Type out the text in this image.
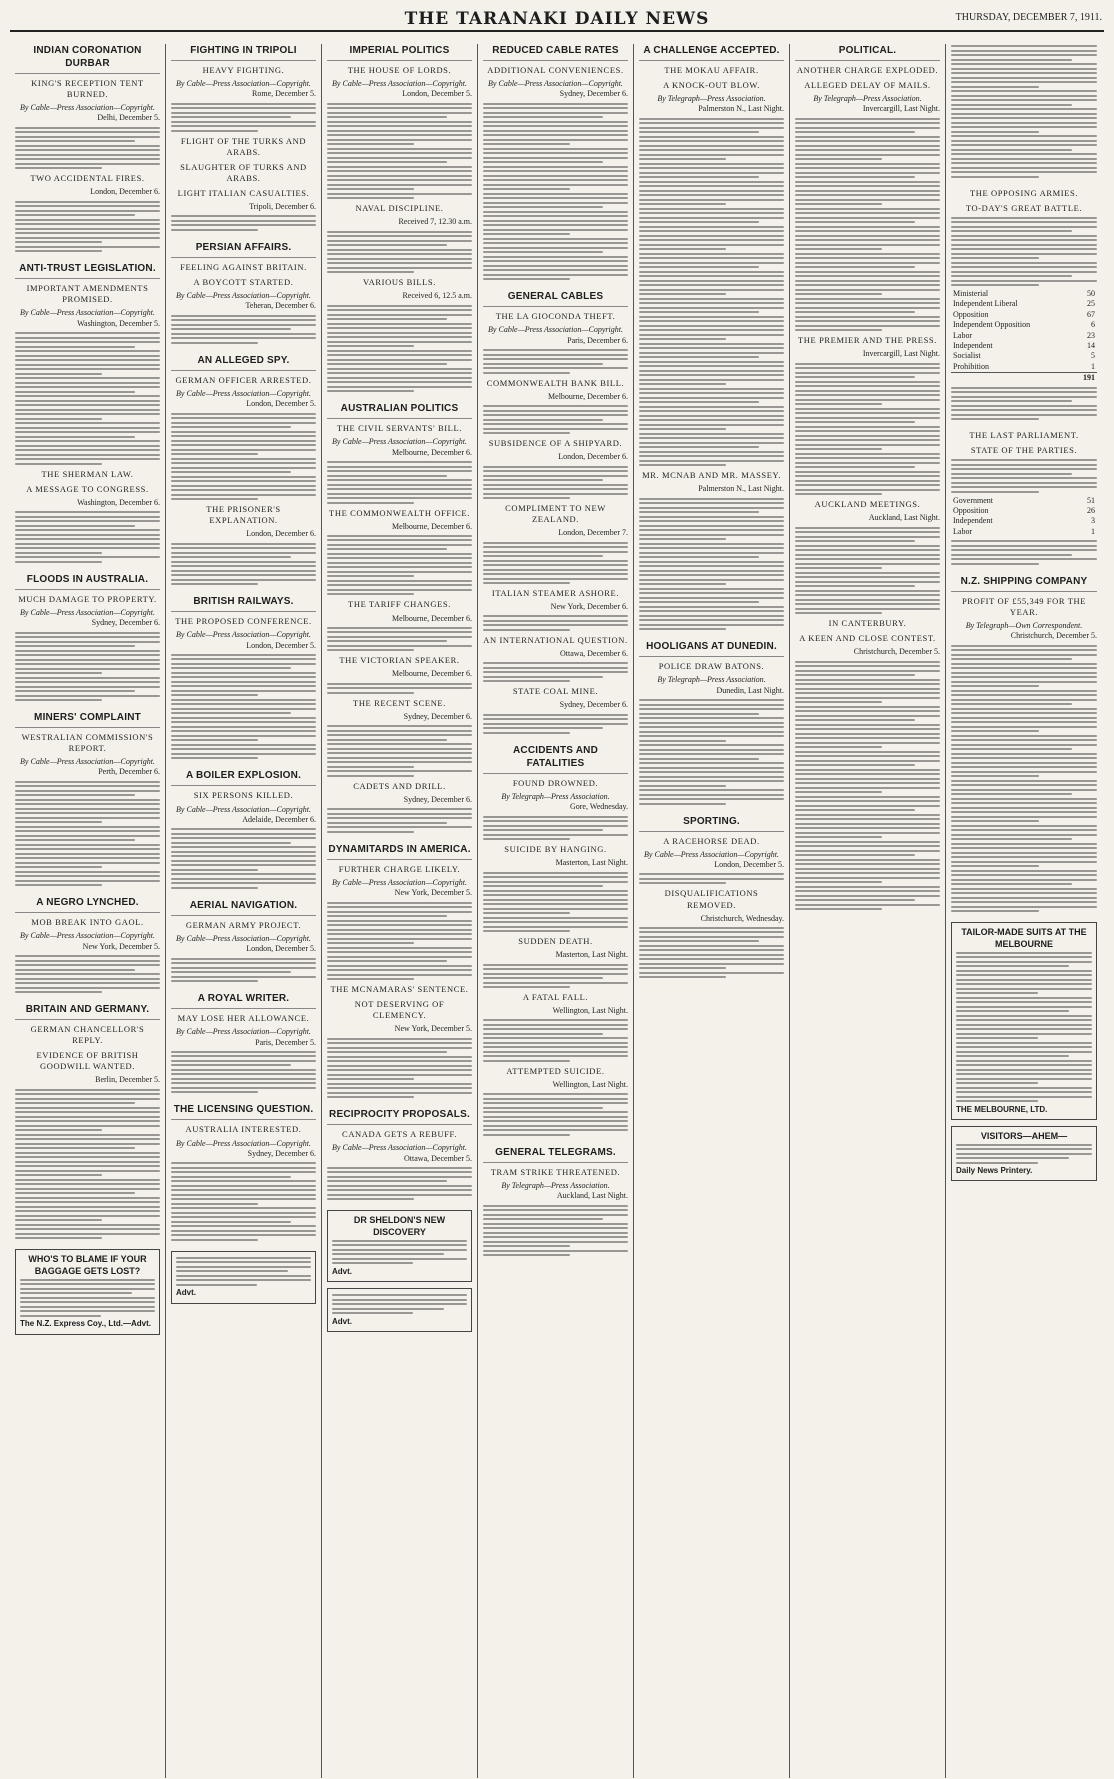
THE TARANAKI DAILY NEWS	THURSDAY, DECEMBER 7, 1911.
INDIAN CORONATION DURBAR
KING'S RECEPTION TENT BURNED.

By Cable—Press Association—Copyright.

Delhi, December 5.

TWO ACCIDENTAL FIRES.

London, December 6.

ANTI-TRUST LEGISLATION.
IMPORTANT AMENDMENTS PROMISED.

By Cable—Press Association—Copyright.

Washington, December 5.

THE SHERMAN LAW.
A MESSAGE TO CONGRESS.

Washington, December 6.

FLOODS IN AUSTRALIA.
MUCH DAMAGE TO PROPERTY.

By Cable—Press Association—Copyright.

Sydney, December 6.

MINERS' COMPLAINT
WESTRALIAN COMMISSION'S REPORT.

By Cable—Press Association—Copyright.

Perth, December 6.

A NEGRO LYNCHED.
MOB BREAK INTO GAOL.

By Cable—Press Association—Copyright.

New York, December 5.

BRITAIN AND GERMANY.
GERMAN CHANCELLOR'S REPLY.
EVIDENCE OF BRITISH GOODWILL WANTED.

Berlin, December 5.

WHO'S TO BLAME IF YOUR BAGGAGE GETS LOST?
The N.Z. Express Coy., Ltd.—Advt.
FIGHTING IN TRIPOLI
HEAVY FIGHTING.

By Cable—Press Association—Copyright.

Rome, December 5.

FLIGHT OF THE TURKS AND ARABS.
SLAUGHTER OF TURKS AND ARABS.
LIGHT ITALIAN CASUALTIES.

Tripoli, December 6.

PERSIAN AFFAIRS.
FEELING AGAINST BRITAIN.
A BOYCOTT STARTED.

By Cable—Press Association—Copyright.

Teheran, December 6.

AN ALLEGED SPY.
GERMAN OFFICER ARRESTED.

By Cable—Press Association—Copyright.

London, December 5.

THE PRISONER'S EXPLANATION.

London, December 6.

BRITISH RAILWAYS.
THE PROPOSED CONFERENCE.

By Cable—Press Association—Copyright.

London, December 5.

A BOILER EXPLOSION.
SIX PERSONS KILLED.

By Cable—Press Association—Copyright.

Adelaide, December 6.

AERIAL NAVIGATION.
GERMAN ARMY PROJECT.

By Cable—Press Association—Copyright.

London, December 5.

A ROYAL WRITER.
MAY LOSE HER ALLOWANCE.

By Cable—Press Association—Copyright.

Paris, December 5.

THE LICENSING QUESTION.
AUSTRALIA INTERESTED.

By Cable—Press Association—Copyright.

Sydney, December 6.

Advt.
IMPERIAL POLITICS
THE HOUSE OF LORDS.

By Cable—Press Association—Copyright.

London, December 5.

NAVAL DISCIPLINE.

Received 7, 12.30 a.m.

VARIOUS BILLS.

Received 6, 12.5 a.m.

AUSTRALIAN POLITICS
THE CIVIL SERVANTS' BILL.

By Cable—Press Association—Copyright.

Melbourne, December 6.

THE COMMONWEALTH OFFICE.

Melbourne, December 6.

THE TARIFF CHANGES.

Melbourne, December 6.

THE VICTORIAN SPEAKER.

Melbourne, December 6.

THE RECENT SCENE.

Sydney, December 6.

CADETS AND DRILL.

Sydney, December 6.

DYNAMITARDS IN AMERICA.
FURTHER CHARGE LIKELY.

By Cable—Press Association—Copyright.

New York, December 5.

THE MCNAMARAS' SENTENCE.
NOT DESERVING OF CLEMENCY.

New York, December 5.

RECIPROCITY PROPOSALS.
CANADA GETS A REBUFF.

By Cable—Press Association—Copyright.

Ottawa, December 5.

DR SHELDON'S NEW DISCOVERY
Advt.
Advt.
REDUCED CABLE RATES
ADDITIONAL CONVENIENCES.

By Cable—Press Association—Copyright.

Sydney, December 6.

GENERAL CABLES
THE LA GIOCONDA THEFT.

By Cable—Press Association—Copyright.

Paris, December 6.

COMMONWEALTH BANK BILL.

Melbourne, December 6.

SUBSIDENCE OF A SHIPYARD.

London, December 6.

COMPLIMENT TO NEW ZEALAND.

London, December 7.

ITALIAN STEAMER ASHORE.

New York, December 6.

AN INTERNATIONAL QUESTION.

Ottawa, December 6.

STATE COAL MINE.

Sydney, December 6.

ACCIDENTS AND FATALITIES
FOUND DROWNED.

By Telegraph—Press Association.

Gore, Wednesday.

SUICIDE BY HANGING.

Masterton, Last Night.

SUDDEN DEATH.

Masterton, Last Night.

A FATAL FALL.

Wellington, Last Night.

ATTEMPTED SUICIDE.

Wellington, Last Night.

GENERAL TELEGRAMS.
TRAM STRIKE THREATENED.

By Telegraph—Press Association.

Auckland, Last Night.

A CHALLENGE ACCEPTED.
THE MOKAU AFFAIR.
A KNOCK-OUT BLOW.

By Telegraph—Press Association.

Palmerston N., Last Night.

MR. MCNAB AND MR. MASSEY.

Palmerston N., Last Night.

HOOLIGANS AT DUNEDIN.
POLICE DRAW BATONS.

By Telegraph—Press Association.

Dunedin, Last Night.

SPORTING.
A RACEHORSE DEAD.

By Cable—Press Association—Copyright.

London, December 5.

DISQUALIFICATIONS REMOVED.

Christchurch, Wednesday.

POLITICAL.
ANOTHER CHARGE EXPLODED.
ALLEGED DELAY OF MAILS.

By Telegraph—Press Association.

Invercargill, Last Night.

THE PREMIER AND THE PRESS.

Invercargill, Last Night.

AUCKLAND MEETINGS.

Auckland, Last Night.

IN CANTERBURY.
A KEEN AND CLOSE CONTEST.

Christchurch, December 5.

THE OPPOSING ARMIES.
TO-DAY'S GREAT BATTLE.
Ministerial	50
Independent Liberal	25
Opposition	67
Independent Opposition	6
Labor	23
Independent	14
Socialist	5
Prohibition	1
	191
THE LAST PARLIAMENT.
STATE OF THE PARTIES.
Government	51
Opposition	26
Independent	3
Labor	1
N.Z. SHIPPING COMPANY
PROFIT OF £55,349 FOR THE YEAR.

By Telegraph—Own Correspondent.

Christchurch, December 5.

TAILOR-MADE SUITS AT THE MELBOURNE
THE MELBOURNE, LTD.
VISITORS—AHEM—
Daily News Printery.
